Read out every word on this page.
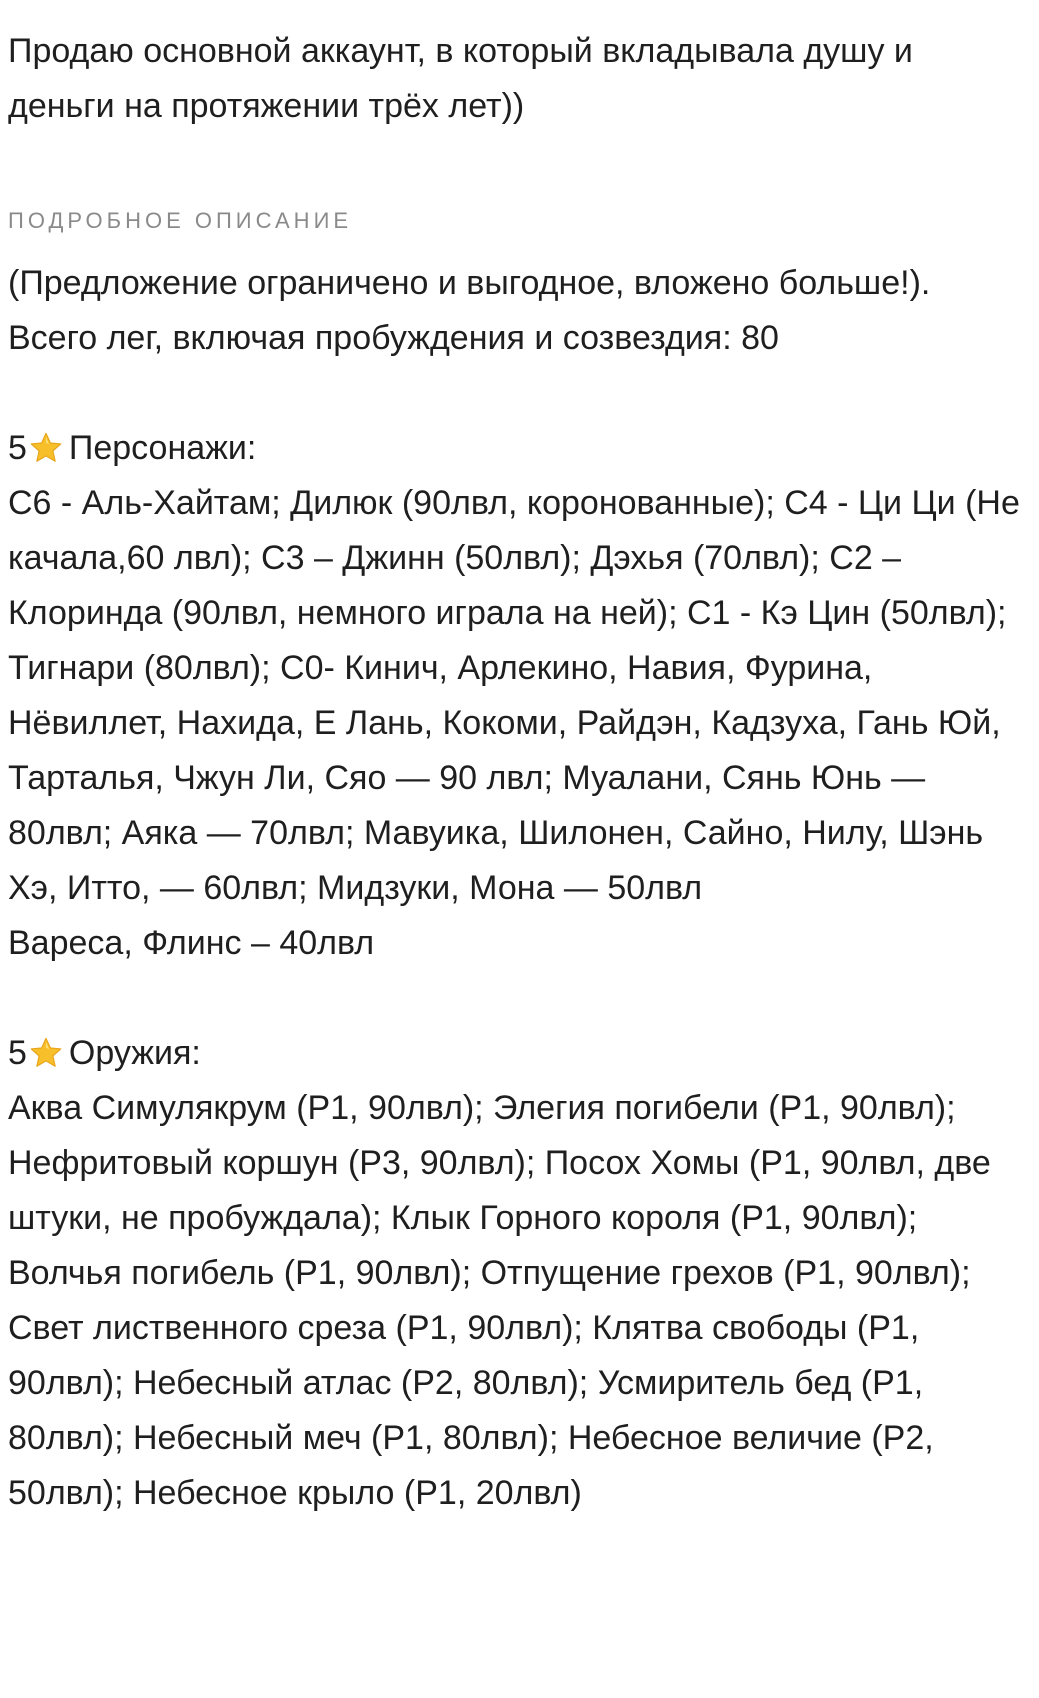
Продаю основной аккаунт, в который вкладывала душу и деньги на протяжении трёх лет))

ПОДРОБНОЕ ОПИСАНИЕ

(Предложение ограничено и выгодное, вложено больше!).

Всего лег, включая пробуждения и созвездия: 80

5 Персонажи:

С6 - Аль-Хайтам; Дилюк (90лвл, коронованные); С4 - Ци Ци (Не качала,60 лвл); С3 – Джинн (50лвл); Дэхья (70лвл); С2 – Клоринда (90лвл, немного играла на ней); С1 - Кэ Цин (50лвл); Тигнари (80лвл); С0- Кинич, Арлекино, Навия, Фурина, Нёвиллет, Нахида, Е Лань, Кокоми, Райдэн, Кадзуха, Гань Юй, Тарталья, Чжун Ли, Сяо — 90 лвл; Муалани, Сянь Юнь — 80лвл; Аяка — 70лвл; Мавуика, Шилонен, Сайно, Нилу, Шэнь Хэ, Итто, — 60лвл; Мидзуки, Мона — 50лвл

Вареса, Флинс – 40лвл

5 Оружия:

Аква Симулякрум (Р1, 90лвл); Элегия погибели (Р1, 90лвл); Нефритовый коршун (Р3, 90лвл); Посох Хомы (Р1, 90лвл, две штуки, не пробуждала); Клык Горного короля (Р1, 90лвл); Волчья погибель (Р1, 90лвл); Отпущение грехов (Р1, 90лвл); Свет лиственного среза (Р1, 90лвл); Клятва свободы (Р1, 90лвл); Небесный атлас (Р2, 80лвл); Усмиритель бед (Р1, 80лвл); Небесный меч (Р1, 80лвл); Небесное величие (Р2, 50лвл); Небесное крыло (Р1, 20лвл)
